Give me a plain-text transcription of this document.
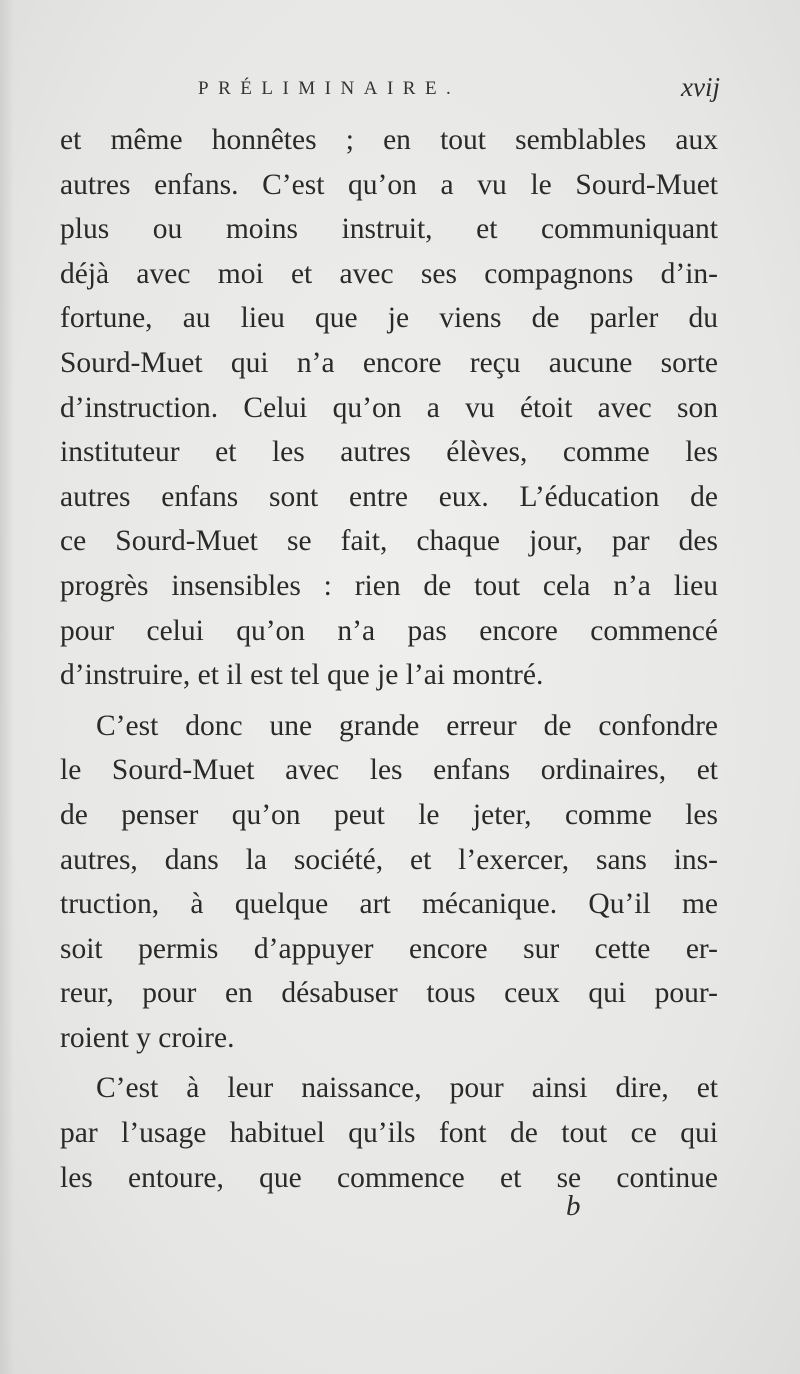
PRÉLIMINAIRE.	xvij
et même honnêtes ; en tout semblables aux
autres enfans. C’est qu’on a vu le Sourd-Muet
plus ou moins instruit, et communiquant
déjà avec moi et avec ses compagnons d’in-
fortune, au lieu que je viens de parler du
Sourd-Muet qui n’a encore reçu aucune sorte
d’instruction. Celui qu’on a vu étoit avec son
instituteur et les autres élèves, comme les
autres enfans sont entre eux. L’éducation de
ce Sourd-Muet se fait, chaque jour, par des
progrès insensibles : rien de tout cela n’a lieu
pour celui qu’on n’a pas encore commencé
d’instruire, et il est tel que je l’ai montré.
C’est donc une grande erreur de confondre
le Sourd-Muet avec les enfans ordinaires, et
de penser qu’on peut le jeter, comme les
autres, dans la société, et l’exercer, sans ins-
truction, à quelque art mécanique. Qu’il me
soit permis d’appuyer encore sur cette er-
reur, pour en désabuser tous ceux qui pour-
roient y croire.
C’est à leur naissance, pour ainsi dire, et
par l’usage habituel qu’ils font de tout ce qui
les entoure, que commence et se continue
b
